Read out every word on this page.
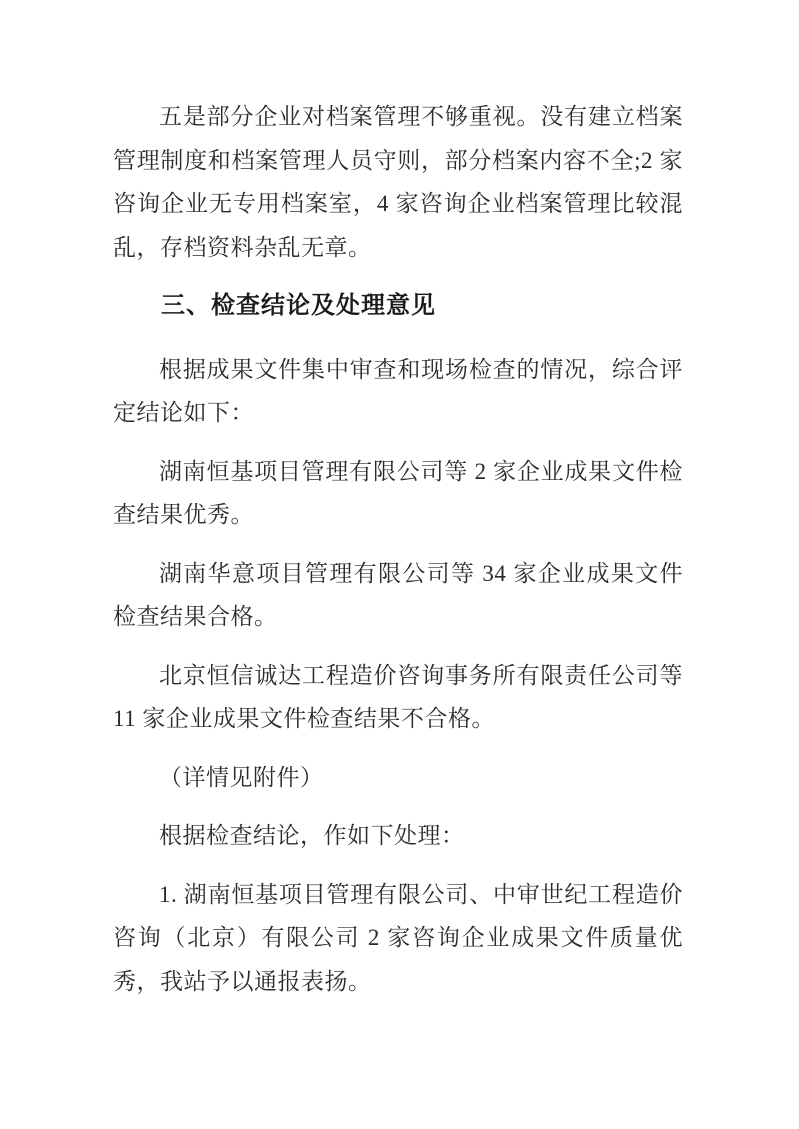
五是部分企业对档案管理不够重视。没有建立档案管理制度和档案管理人员守则，部分档案内容不全;2 家咨询企业无专用档案室，4 家咨询企业档案管理比较混乱，存档资料杂乱无章。

三、检查结论及处理意见

根据成果文件集中审查和现场检查的情况，综合评定结论如下：

湖南恒基项目管理有限公司等 2 家企业成果文件检查结果优秀。

湖南华意项目管理有限公司等 34 家企业成果文件检查结果合格。

北京恒信诚达工程造价咨询事务所有限责任公司等 11 家企业成果文件检查结果不合格。

（详情见附件）

根据检查结论，作如下处理：

1. 湖南恒基项目管理有限公司、中审世纪工程造价咨询（北京）有限公司 2 家咨询企业成果文件质量优秀，我站予以通报表扬。
